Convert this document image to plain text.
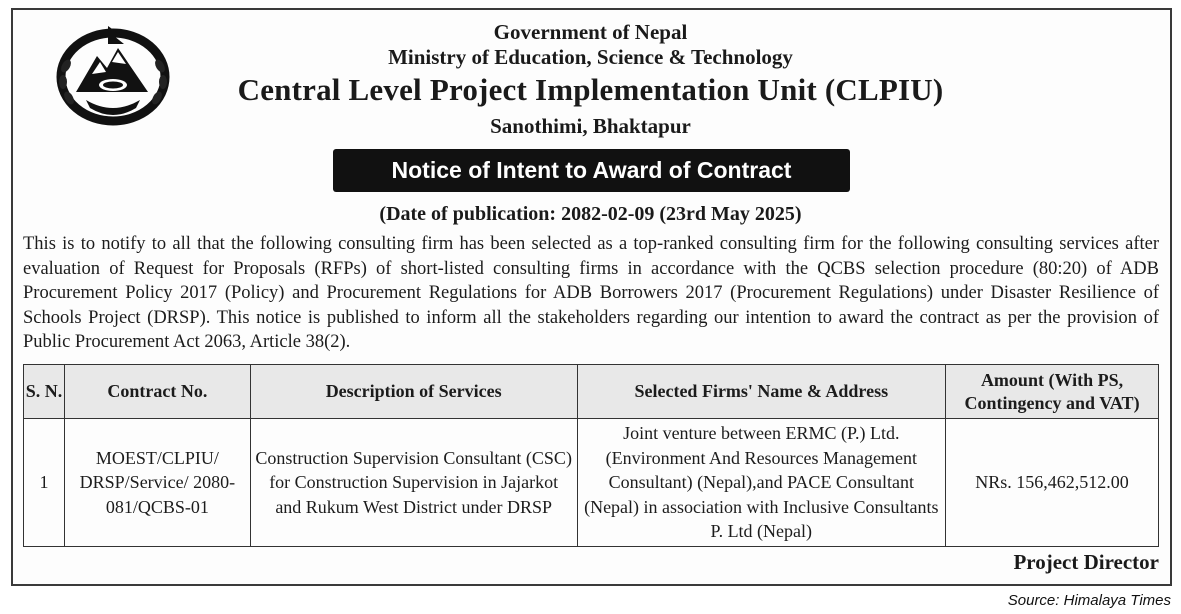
Government of Nepal
Ministry of Education, Science & Technology
Central Level Project Implementation Unit (CLPIU)
Sanothimi, Bhaktapur
Notice of Intent to Award of Contract
(Date of publication: 2082-02-09 (23rd May 2025)
This is to notify to all that the following consulting firm has been selected as a top-ranked consulting firm for the following consulting services after evaluation of Request for Proposals (RFPs) of short-listed consulting firms in accordance with the QCBS selection procedure (80:20) of ADB Procurement Policy 2017 (Policy) and Procurement Regulations for ADB Borrowers 2017 (Procurement Regulations) under Disaster Resilience of Schools Project (DRSP). This notice is published to inform all the stakeholders regarding our intention to award the contract as per the provision of Public Procurement Act 2063, Article 38(2).
S. N.	Contract No.	Description of Services	Selected Firms' Name & Address	Amount (With PS, Contingency and VAT)
1	MOEST/CLPIU/ DRSP/Service/ 2080-081/QCBS-01	Construction Supervision Consultant (CSC) for Construction Supervision in Jajarkot and Rukum West District under DRSP	Joint venture between ERMC (P.) Ltd. (Environment And Resources Management Consultant) (Nepal),and PACE Consultant (Nepal) in association with Inclusive Consultants P. Ltd (Nepal)	NRs. 156,462,512.00
Project Director
Source: Himalaya Times
